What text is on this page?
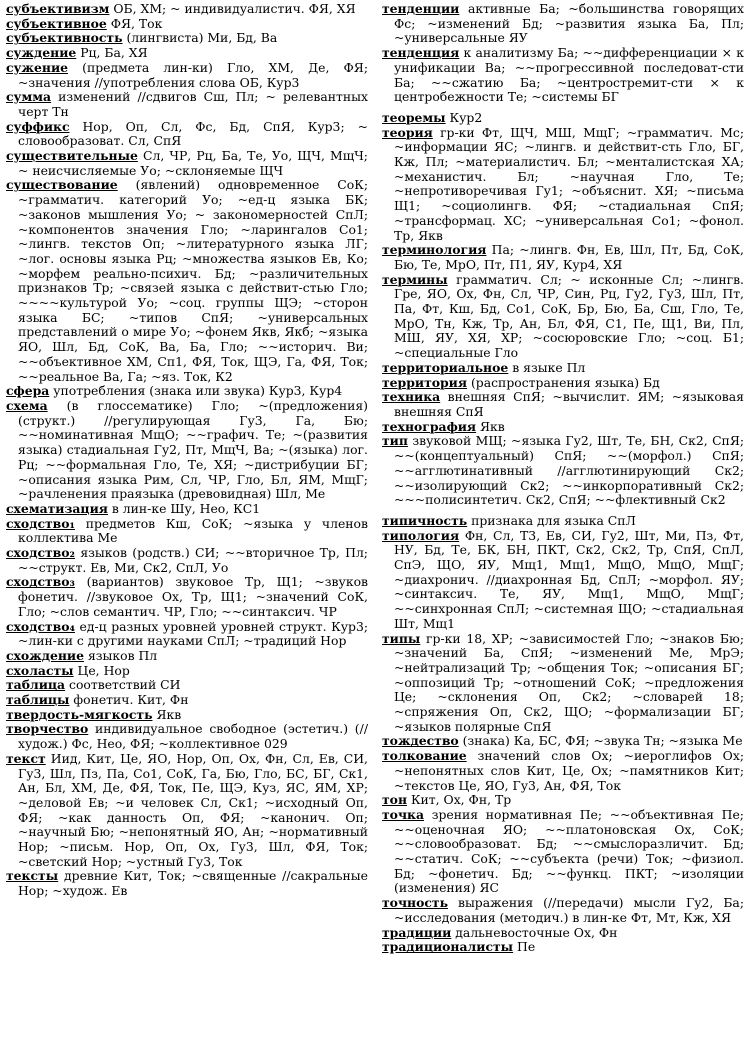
субъективизм ОБ, ХМ; ~ индивидуалистич. ФЯ, ХЯ

субъективное ФЯ, Ток

субъективность (лингвиста) Ми, Бд, Ва

суждение Рц, Ба, ХЯ

сужение (предмета лин-ки) Гло, ХМ, Де, ФЯ; ~значения //употребления слова ОБ, Кур3

сумма изменений //сдвигов Сш, Пл; ~ релевантных черт Тн

суффикс Нор, Оп, Сл, Фс, Бд, СпЯ, Кур3; ~ словообразоват. Сл, СпЯ

существительные Сл, ЧР, Рц, Ба, Те, Уо, ЩЧ, МщЧ; ~ неисчисляемые Уо; ~склоняемые ЩЧ

существование (явлений) одновременное СоК; ~грамматич. категорий Уо; ~ед-ц языка БК; ~законов мышления Уо; ~ закономерностей СпЛ; ~компонентов значения Гло; ~ларингалов Со1; ~лингв. текстов Оп; ~литературного языка ЛГ; ~лог. основы языка Рц; ~множества языков Ев, Ко; ~морфем реально-психич. Бд; ~различительных признаков Тр; ~связей языка с действит-стью Гло; ~~~~культурой Уо; ~соц. группы ЩЭ; ~сторон языка БС; ~типов СпЯ; ~универсальных представлений о мире Уо; ~фонем Якв, Якб; ~языка ЯО, Шл, Бд, СоК, Ва, Ба, Гло; ~~историч. Ви; ~~объективное ХМ, Сп1, ФЯ, Ток, ЩЭ, Га, ФЯ, Ток; ~~реальное Ва, Га; ~яз. Ток, К2

сфера употребления (знака или звука) Кур3, Кур4

схема (в глоссематике) Гло; ~(предложения) (структ.) //регулирующая Гу3, Га, Бю; ~~номинативная МщО; ~~графич. Те; ~(развития языка) стадиальная Гу2, Пт, МщЧ, Ва; ~(языка) лог. Рц; ~~формальная Гло, Те, ХЯ; ~дистрибуции БГ; ~описания языка Рим, Сл, ЧР, Гло, Бл, ЯМ, МщГ; ~рачленения праязыка (древовидная) Шл, Ме

схематизация в лин-ке Шу, Нео, КС1

сходство₁ предметов Кш, СоК; ~языка у членов коллектива Ме

сходство₂ языков (родств.) СИ; ~~вторичное Тр, Пл; ~~структ. Ев, Ми, Ск2, СпЛ, Уо

сходство₃ (вариантов) звуковое Тр, Щ1; ~звуков фонетич. //звуковое Ох, Тр, Щ1; ~значений СоК, Гло; ~слов семантич. ЧР, Гло; ~~синтаксич. ЧР

сходство₄ ед-ц разных уровней уровней структ. Кур3; ~лин-ки с другими науками СпЛ; ~традиций Нор

схождение языков Пл

схоласты Це, Нор

таблица соответствий СИ

таблицы фонетич. Кит, Фн

твердость-мягкость Якв

творчество индивидуальное свободное (эстетич.) (//худож.) Фс, Нео, ФЯ; ~коллективное 029

текст Иид, Кит, Це, ЯО, Нор, Оп, Ох, Фн, Сл, Ев, СИ, Гу3, Шл, Пз, Па, Со1, СоК, Га, Бю, Гло, БС, БГ, Ск1, Ан, Бл, ХМ, Де, ФЯ, Ток, Пе, ЩЭ, Куз, ЯС, ЯМ, ХР; ~деловой Ев; ~и человек Сл, Ск1; ~исходный Оп, ФЯ; ~как данность Оп, ФЯ; ~канонич. Оп; ~научный Бю; ~непонятный ЯО, Ан; ~нормативный Нор; ~письм. Нор, Оп, Ох, Гу3, Шл, ФЯ, Ток; ~светский Нор; ~устный Гу3, Ток

тексты древние Кит, Ток; ~священные //сакральные Нор; ~худож. Ев

тенденции активные Ба; ~большинства говорящих Фс; ~изменений Бд; ~развития языка Ба, Пл; ~универсальные ЯУ

тенденция к аналитизму Ба; ~~дифференциации × к унификации Ва; ~~прогрессивной последоват-сти Ба; ~~сжатию Ба; ~центростремит-сти × к центробежности Те; ~системы БГ

теоремы Кур2

теория гр-ки Фт, ЩЧ, МШ, МщГ; ~грамматич. Мс; ~информации ЯС; ~лингв. и действит-сть Гло, БГ, Кж, Пл; ~материалистич. Бл; ~менталистская ХА; ~механистич. Бл; ~научная Гло, Те; ~непротиворечивая Гу1; ~объяснит. ХЯ; ~письма Щ1; ~социолингв. ФЯ; ~стадиальная СпЯ; ~трансформац. ХС; ~универсальная Со1; ~фонол. Тр, Якв

терминология Па; ~лингв. Фн, Ев, Шл, Пт, Бд, СоК, Бю, Те, МрО, Пт, П1, ЯУ, Кур4, ХЯ

термины грамматич. Сл; ~ исконные Сл; ~лингв. Гре, ЯО, Ох, Фн, Сл, ЧР, Син, Рц, Гу2, Гу3, Шл, Пт, Па, Фт, Кш, Бд, Со1, СоК, Бр, Бю, Ба, Сш, Гло, Те, МрО, Тн, Кж, Тр, Ан, Бл, ФЯ, С1, Пе, Щ1, Ви, Пл, МШ, ЯУ, ХЯ, ХР; ~сосюровские Гло; ~соц. Б1; ~специальные Гло

территориальное в языке Пл

территория (распространения языка) Бд

техника внешняя СпЯ; ~вычислит. ЯМ; ~языковая внешняя СпЯ

технография Якв

тип звуковой МЩ; ~языка Гу2, Шт, Те, БН, Ск2, СпЯ; ~~(концептуальный) СпЯ; ~~(морфол.) СпЯ; ~~агглютинативный //агглютинирующий Ск2; ~~изолирующий Ск2; ~~инкорпоративный Ск2; ~~~полисинтетич. Ск2, СпЯ; ~~флективный Ск2

типичность признака для языка СпЛ

типология Фн, Сл, Т3, Ев, СИ, Гу2, Шт, Ми, Пз, Фт, НУ, Бд, Те, БК, БН, ПКТ, Ск2, Ск2, Тр, СпЯ, СпЛ, СпЭ, ЩО, ЯУ, Мщ1, Мщ1, МщО, МщО, МщГ; ~диахронич. //диахронная Бд, СпЛ; ~морфол. ЯУ; ~синтаксич. Те, ЯУ, Мщ1, МщО, МщГ; ~~синхронная СпЛ; ~системная ЩО; ~стадиальная Шт, Мщ1

типы гр-ки 18, ХР; ~зависимостей Гло; ~знаков Бю; ~значений Ба, СпЯ; ~изменений Ме, МрЭ; ~нейтрализаций Тр; ~общения Ток; ~описания БГ; ~оппозиций Тр; ~отношений СоК; ~предложения Це; ~склонения Оп, Ск2; ~словарей 18; ~спряжения Оп, Ск2, ЩО; ~формализации БГ; ~языков полярные СпЯ

тождество (знака) Ка, БС, ФЯ; ~звука Тн; ~языка Ме

толкование значений слов Ох; ~иероглифов Ох; ~непонятных слов Кит, Це, Ох; ~памятников Кит; ~текстов Це, ЯО, Гу3, Ан, ФЯ, Ток

тон Кит, Ох, Фн, Тр

точка зрения нормативная Пе; ~~объективная Пе; ~~оценочная ЯО; ~~платоновская Ох, СоК; ~~словообразоват. Бд; ~~смыслоразличит. Бд; ~~статич. СоК; ~~субъекта (речи) Ток; ~физиол. Бд; ~фонетич. Бд; ~~функц. ПКТ; ~изоляции (изменения) ЯС

точность выражения (//передачи) мысли Гу2, Ба; ~исследования (методич.) в лин-ке Фт, Мт, Кж, ХЯ

традиции дальневосточные Ох, Фн

традиционалисты Пе
